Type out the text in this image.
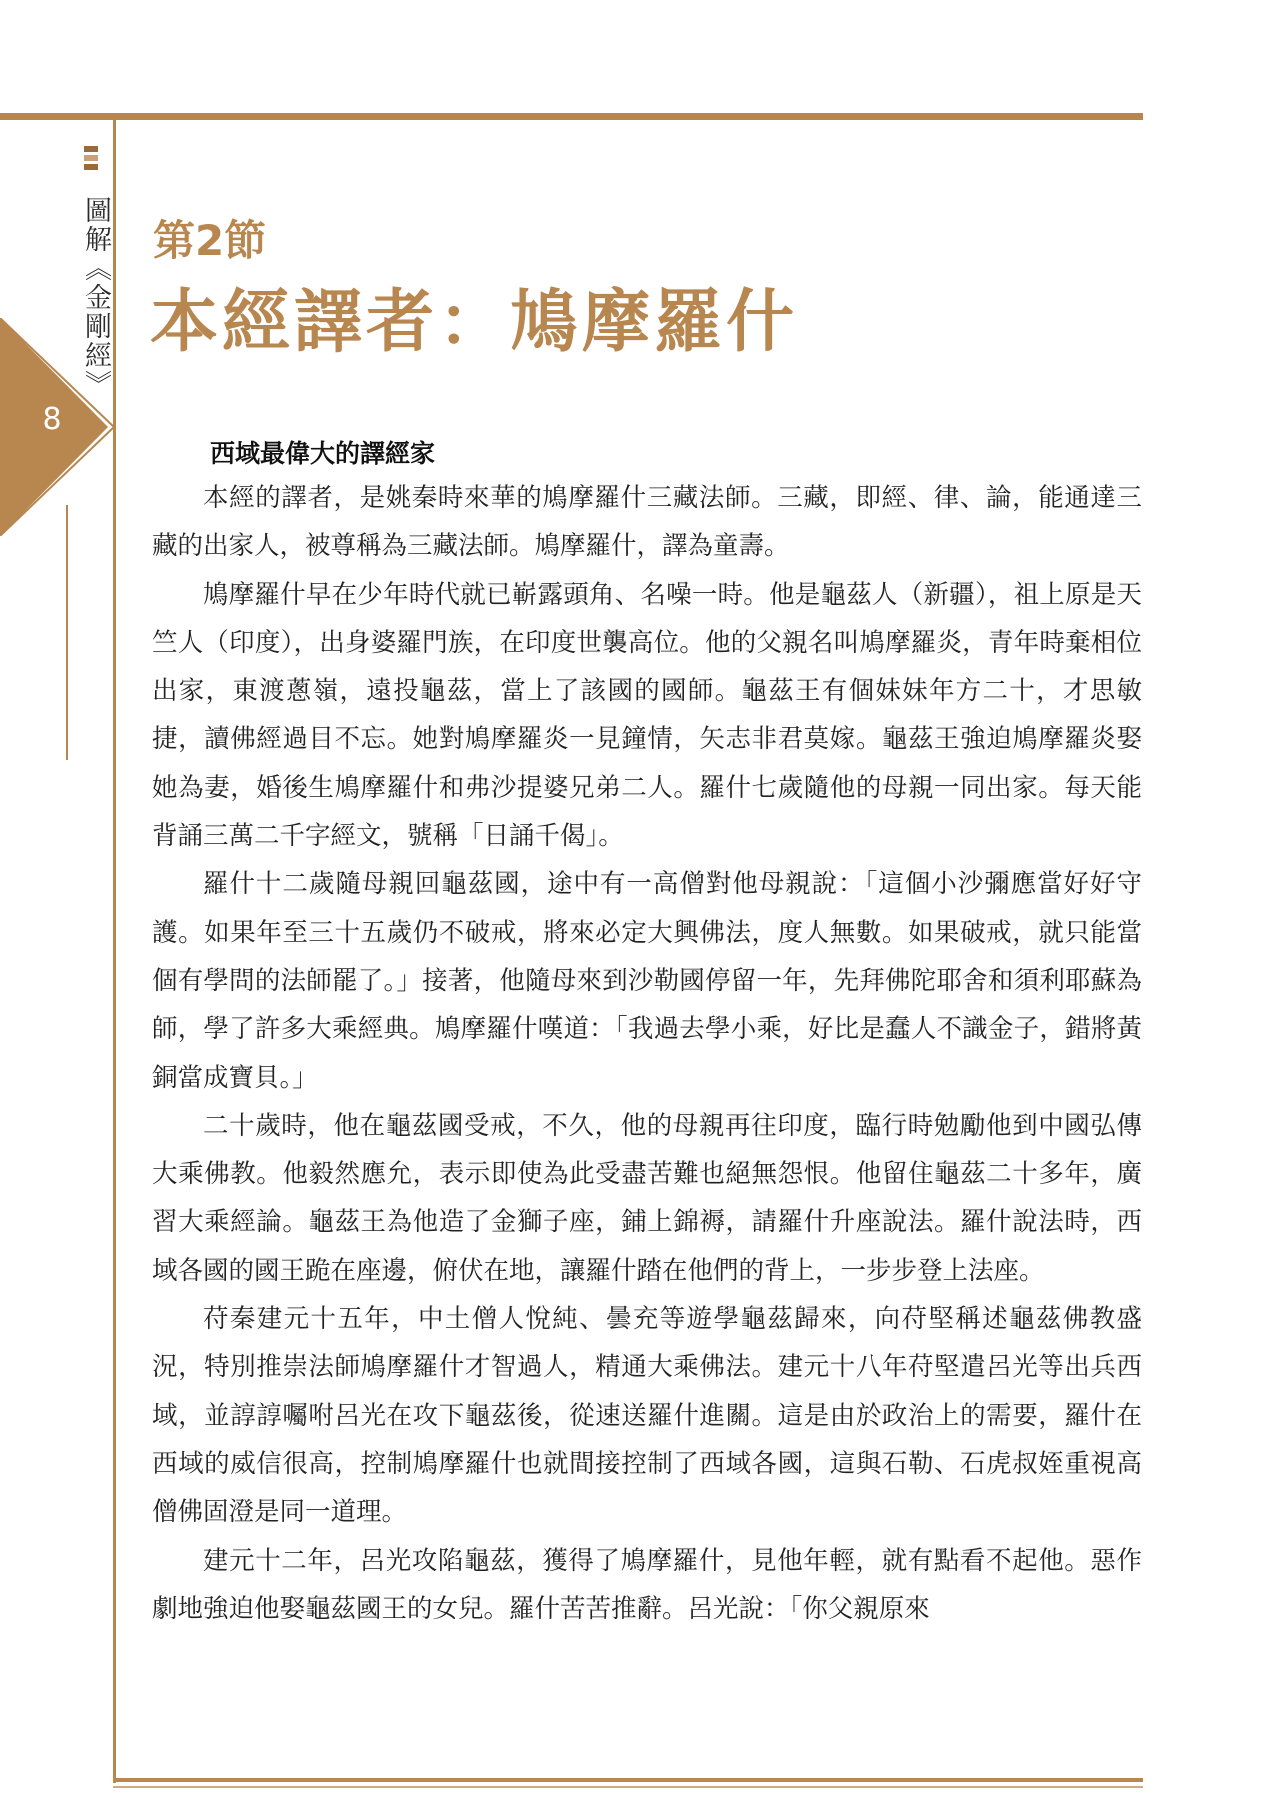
圖解《金剛經》
8
第2節
本經譯者：鳩摩羅什
西域最偉大的譯經家

本經的譯者，是姚秦時來華的鳩摩羅什三藏法師。三藏，即經、律、論，能通達三藏的出家人，被尊稱為三藏法師。鳩摩羅什，譯為童壽。

鳩摩羅什早在少年時代就已嶄露頭角、名噪一時。他是龜茲人（新疆），祖上原是天竺人（印度），出身婆羅門族，在印度世襲高位。他的父親名叫鳩摩羅炎，青年時棄相位出家，東渡蔥嶺，遠投龜茲，當上了該國的國師。龜茲王有個妹妹年方二十，才思敏捷，讀佛經過目不忘。她對鳩摩羅炎一見鐘情，矢志非君莫嫁。龜茲王強迫鳩摩羅炎娶她為妻，婚後生鳩摩羅什和弗沙提婆兄弟二人。羅什七歲隨他的母親一同出家。每天能背誦三萬二千字經文，號稱「日誦千偈」。

羅什十二歲隨母親回龜茲國，途中有一高僧對他母親說：「這個小沙彌應當好好守護。如果年至三十五歲仍不破戒，將來必定大興佛法，度人無數。如果破戒，就只能當個有學問的法師罷了。」接著，他隨母來到沙勒國停留一年，先拜佛陀耶舍和須利耶蘇為師，學了許多大乘經典。鳩摩羅什嘆道：「我過去學小乘，好比是蠢人不識金子，錯將黃銅當成寶貝。」

二十歲時，他在龜茲國受戒，不久，他的母親再往印度，臨行時勉勵他到中國弘傳大乘佛教。他毅然應允，表示即使為此受盡苦難也絕無怨恨。他留住龜茲二十多年，廣習大乘經論。龜茲王為他造了金獅子座，鋪上錦褥，請羅什升座說法。羅什說法時，西域各國的國王跪在座邊，俯伏在地，讓羅什踏在他們的背上，一步步登上法座。

苻秦建元十五年，中土僧人悅純、曇充等遊學龜茲歸來，向苻堅稱述龜茲佛教盛況，特別推崇法師鳩摩羅什才智過人，精通大乘佛法。建元十八年苻堅遣呂光等出兵西域，並諄諄囑咐呂光在攻下龜茲後，從速送羅什進關。這是由於政治上的需要，羅什在西域的威信很高，控制鳩摩羅什也就間接控制了西域各國，這與石勒、石虎叔姪重視高僧佛固澄是同一道理。

建元十二年，呂光攻陷龜茲，獲得了鳩摩羅什，見他年輕，就有點看不起他。惡作劇地強迫他娶龜茲國王的女兒。羅什苦苦推辭。呂光說：「你父親原來
